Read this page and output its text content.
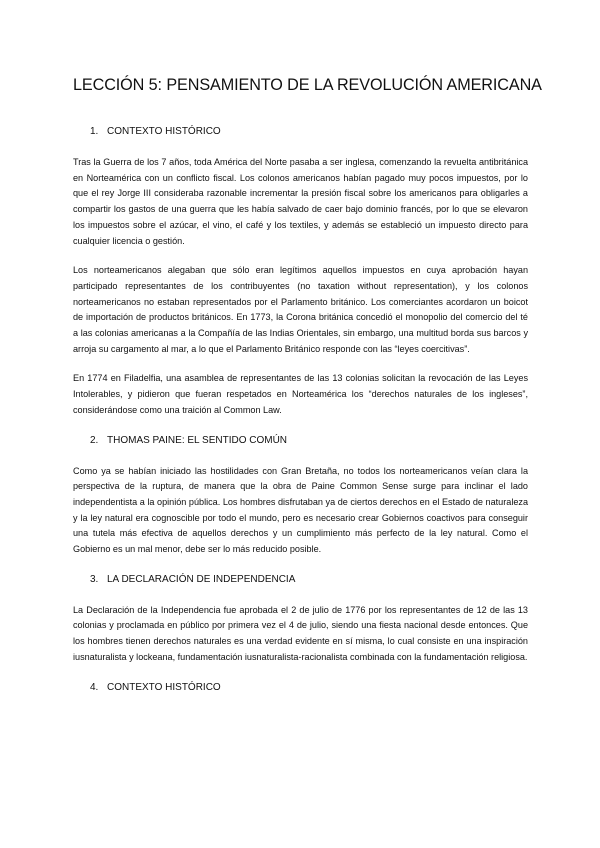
LECCIÓN 5: PENSAMIENTO DE LA REVOLUCIÓN AMERICANA
1. CONTEXTO HISTÓRICO

Tras la Guerra de los 7 años, toda América del Norte pasaba a ser inglesa, comenzando la revuelta antibritánica en Norteamérica con un conflicto fiscal. Los colonos americanos habían pagado muy pocos impuestos, por lo que el rey Jorge III consideraba razonable incrementar la presión fiscal sobre los americanos para obligarles a compartir los gastos de una guerra que les había salvado de caer bajo dominio francés, por lo que se elevaron los impuestos sobre el azúcar, el vino, el café y los textiles, y además se estableció un impuesto directo para cualquier licencia o gestión.

Los norteamericanos alegaban que sólo eran legítimos aquellos impuestos en cuya aprobación hayan participado representantes de los contribuyentes (no taxation without representation), y los colonos norteamericanos no estaban representados por el Parlamento británico. Los comerciantes acordaron un boicot de importación de productos británicos. En 1773, la Corona británica concedió el monopolio del comercio del té a las colonias americanas a la Compañía de las Indias Orientales, sin embargo, una multitud borda sus barcos y arroja su cargamento al mar, a lo que el Parlamento Británico responde con las “leyes coercitivas”.

En 1774 en Filadelfia, una asamblea de representantes de las 13 colonias solicitan la revocación de las Leyes Intolerables, y pidieron que fueran respetados en Norteamérica los “derechos naturales de los ingleses”, considerándose como una traición al Common Law.

2. THOMAS PAINE: EL SENTIDO COMÚN

Como ya se habían iniciado las hostilidades con Gran Bretaña, no todos los norteamericanos veían clara la perspectiva de la ruptura, de manera que la obra de Paine Common Sense surge para inclinar el lado independentista a la opinión pública. Los hombres disfrutaban ya de ciertos derechos en el Estado de naturaleza y la ley natural era cognoscible por todo el mundo, pero es necesario crear Gobiernos coactivos para conseguir una tutela más efectiva de aquellos derechos y un cumplimiento más perfecto de la ley natural. Como el Gobierno es un mal menor, debe ser lo más reducido posible.

3. LA DECLARACIÓN DE INDEPENDENCIA

La Declaración de la Independencia fue aprobada el 2 de julio de 1776 por los representantes de 12 de las 13 colonias y proclamada en público por primera vez el 4 de julio, siendo una fiesta nacional desde entonces. Que los hombres tienen derechos naturales es una verdad evidente en sí misma, lo cual consiste en una inspiración iusnaturalista y lockeana, fundamentación iusnaturalista-racionalista combinada con la fundamentación religiosa.

4. CONTEXTO HISTÓRICO
